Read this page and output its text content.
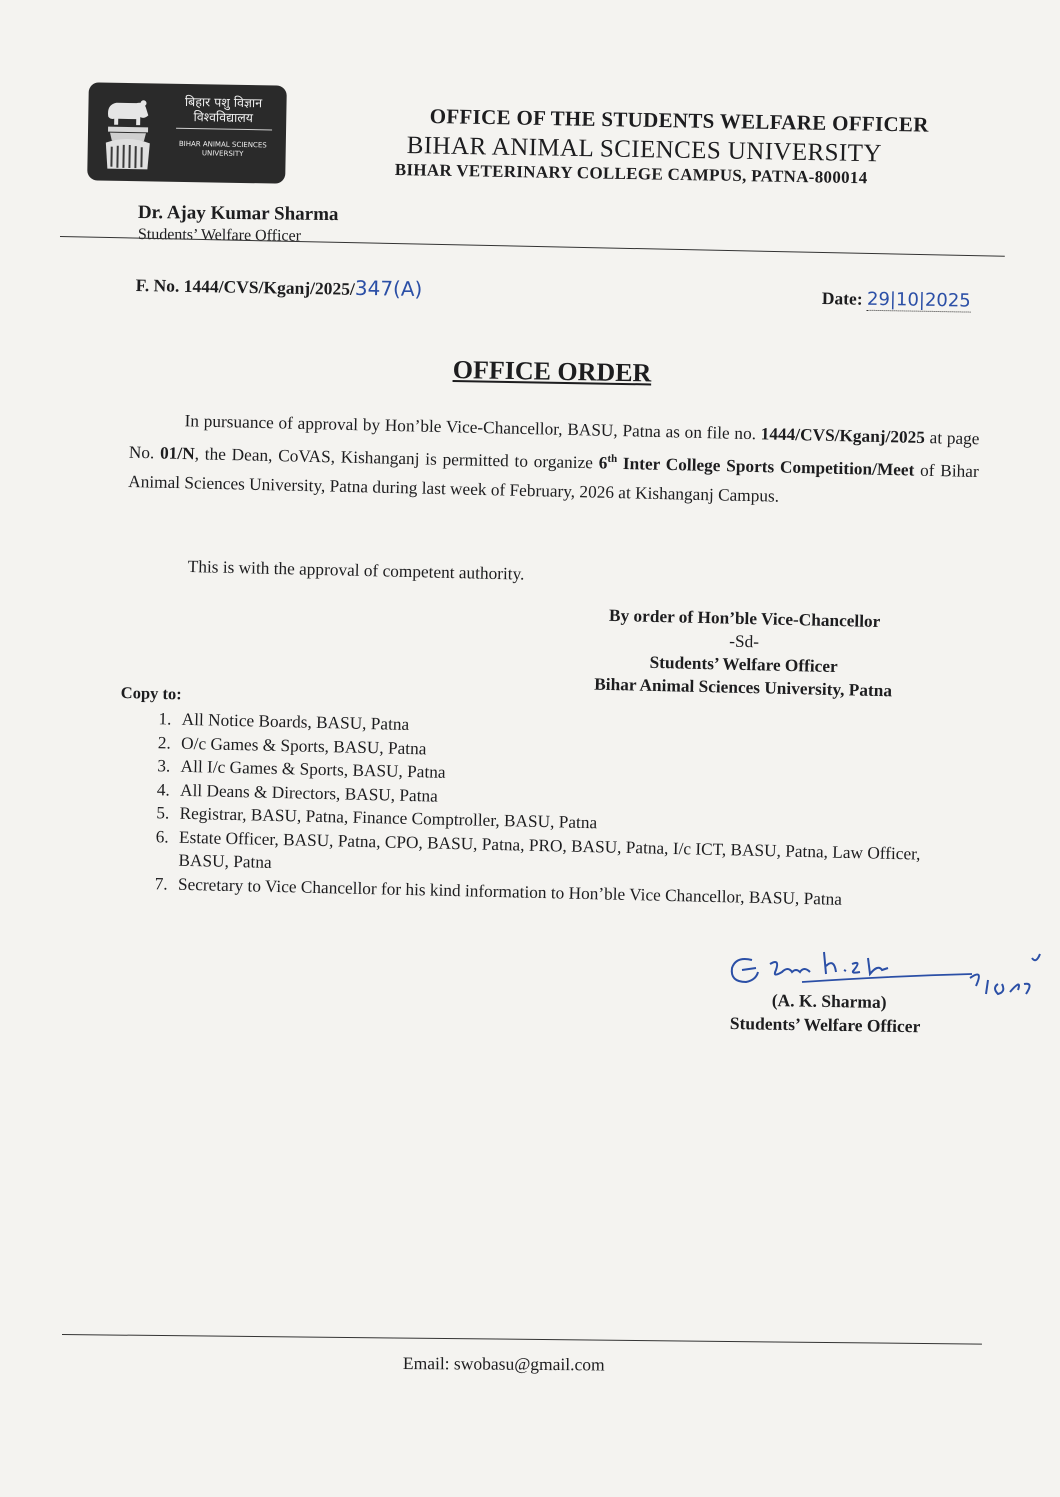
बिहार पशु विज्ञान
विश्वविद्यालय
BIHAR ANIMAL SCIENCES
UNIVERSITY
OFFICE OF THE STUDENTS WELFARE OFFICER
BIHAR ANIMAL SCIENCES UNIVERSITY
BIHAR VETERINARY COLLEGE CAMPUS, PATNA-800014
Dr. Ajay Kumar Sharma
Students’ Welfare Officer
F. No. 1444/CVS/Kganj/2025/347(A)	Date: 29|10|2025
OFFICE ORDER

In pursuance of approval by Hon’ble Vice-Chancellor, BASU, Patna as on file no. 1444/CVS/Kganj/2025 at page No. 01/N, the Dean, CoVAS, Kishanganj is permitted to organize 6th Inter College Sports Competition/Meet of Bihar Animal Sciences University, Patna during last week of February, 2026 at Kishanganj Campus.

This is with the approval of competent authority.
By order of Hon’ble Vice-Chancellor
-Sd-
Students’ Welfare Officer
Bihar Animal Sciences University, Patna
Copy to:
1. All Notice Boards, BASU, Patna
2. O/c Games & Sports, BASU, Patna
3. All I/c Games & Sports, BASU, Patna
4. All Deans & Directors, BASU, Patna
5. Registrar, BASU, Patna, Finance Comptroller, BASU, Patna
6. Estate Officer, BASU, Patna, CPO, BASU, Patna, PRO, BASU, Patna, I/c ICT, BASU, Patna, Law Officer, BASU, Patna
7. Secretary to Vice Chancellor for his kind information to Hon’ble Vice Chancellor, BASU, Patna
(A. K. Sharma)
Students’ Welfare Officer
Email: swobasu@gmail.com
